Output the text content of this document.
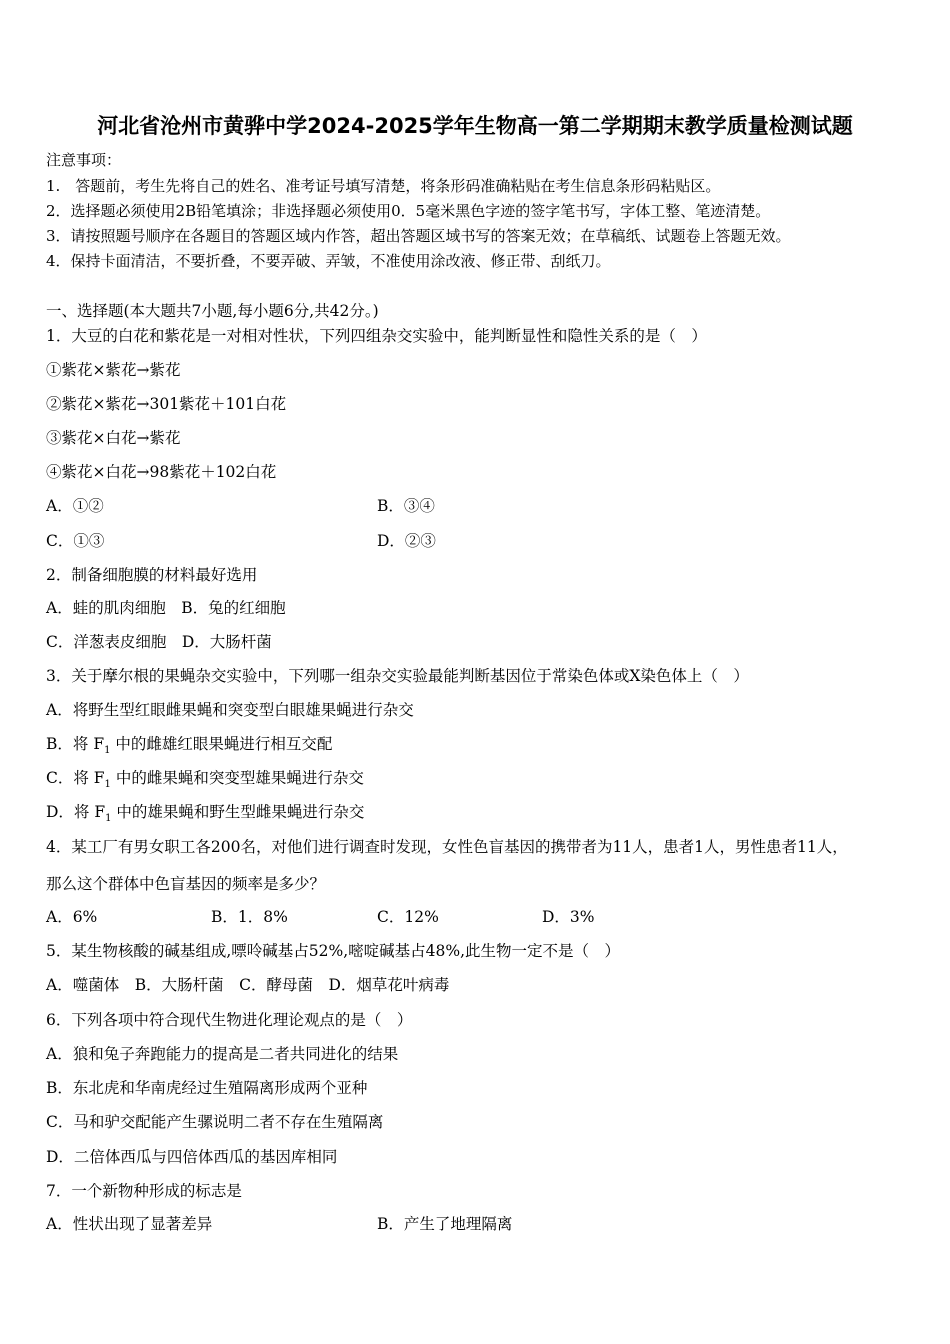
河北省沧州市黄骅中学2024-2025学年生物高一第二学期期末教学质量检测试题
注意事项：
1.　答题前，考生先将自己的姓名、准考证号填写清楚，将条形码准确粘贴在考生信息条形码粘贴区。
2．选择题必须使用2B铅笔填涂；非选择题必须使用0．5毫米黑色字迹的签字笔书写，字体工整、笔迹清楚。
3．请按照题号顺序在各题目的答题区域内作答，超出答题区域书写的答案无效；在草稿纸、试题卷上答题无效。
4．保持卡面清洁，不要折叠，不要弄破、弄皱，不准使用涂改液、修正带、刮纸刀。
一、选择题(本大题共7小题,每小题6分,共42分。)
1．大豆的白花和紫花是一对相对性状，下列四组杂交实验中，能判断显性和隐性关系的是（　）
①紫花×紫花→紫花
②紫花×紫花→301紫花＋101白花
③紫花×白花→紫花
④紫花×白花→98紫花＋102白花
A．①②	B．③④
C．①③	D．②③
2．制备细胞膜的材料最好选用
A．蛙的肌肉细胞　B．兔的红细胞
C．洋葱表皮细胞　D．大肠杆菌
3．关于摩尔根的果蝇杂交实验中，下列哪一组杂交实验最能判断基因位于常染色体或X染色体上（　）
A．将野生型红眼雌果蝇和突变型白眼雄果蝇进行杂交
B．将 $F_1$ 中的雌雄红眼果蝇进行相互交配
C．将 $F_1$ 中的雌果蝇和突变型雄果蝇进行杂交
D．将 $F_1$ 中的雄果蝇和野生型雌果蝇进行杂交
4．某工厂有男女职工各200名，对他们进行调查时发现，女性色盲基因的携带者为11人，患者1人，男性患者11人，
那么这个群体中色盲基因的频率是多少？
A．6%	B．1．8%	C．12%	D．3%
5．某生物核酸的碱基组成,嘌呤碱基占52%,嘧啶碱基占48%,此生物一定不是（　）
A．噬菌体　B．大肠杆菌　C．酵母菌　D．烟草花叶病毒
6．下列各项中符合现代生物进化理论观点的是（　）
A．狼和兔子奔跑能力的提高是二者共同进化的结果
B．东北虎和华南虎经过生殖隔离形成两个亚种
C．马和驴交配能产生骡说明二者不存在生殖隔离
D．二倍体西瓜与四倍体西瓜的基因库相同
7．一个新物种形成的标志是
A．性状出现了显著差异	B．产生了地理隔离
